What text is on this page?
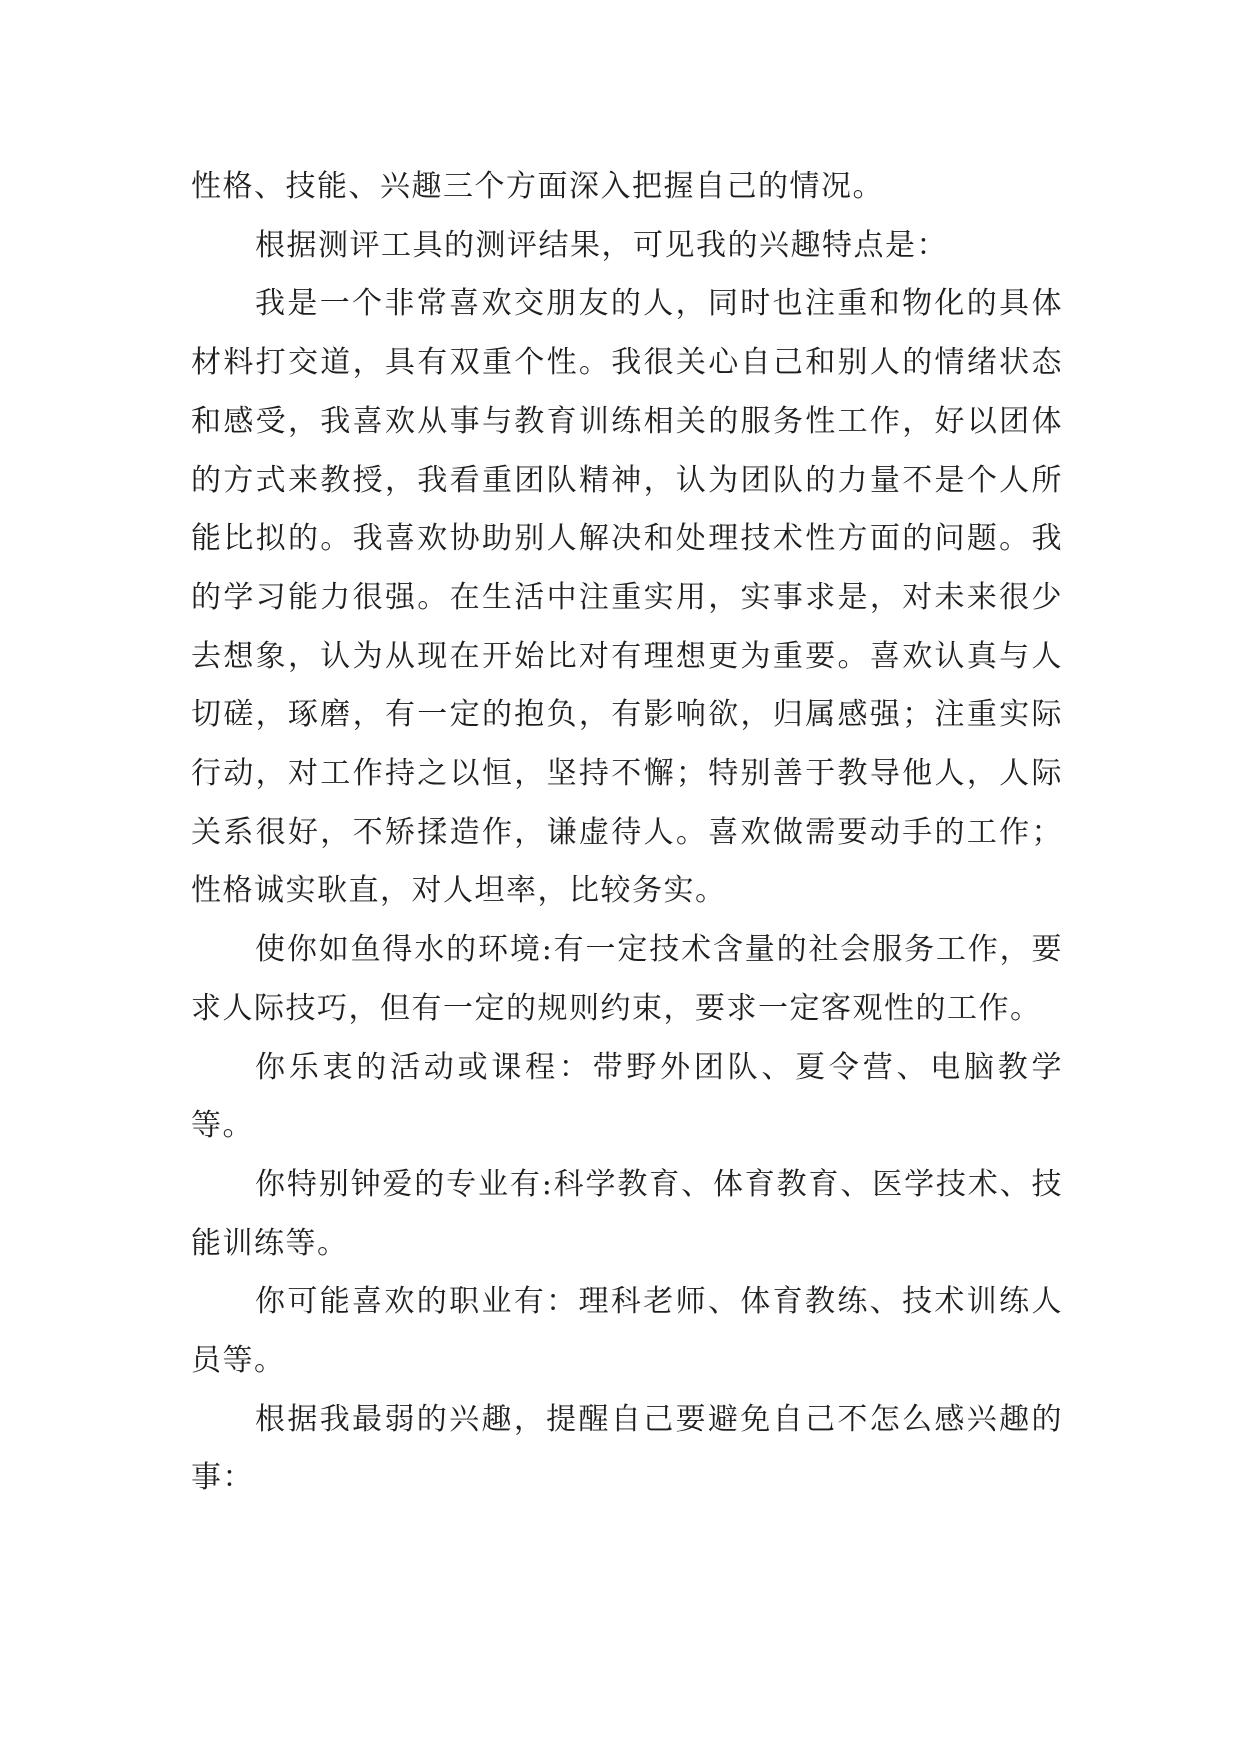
性格、技能、兴趣三个方面深入把握自己的情况。

根据测评工具的测评结果，可见我的兴趣特点是：

我是一个非常喜欢交朋友的人，同时也注重和物化的具体材料打交道，具有双重个性。我很关心自己和别人的情绪状态和感受，我喜欢从事与教育训练相关的服务性工作，好以团体的方式来教授，我看重团队精神，认为团队的力量不是个人所能比拟的。我喜欢协助别人解决和处理技术性方面的问题。我的学习能力很强。在生活中注重实用，实事求是，对未来很少去想象，认为从现在开始比对有理想更为重要。喜欢认真与人切磋，琢磨，有一定的抱负，有影响欲，归属感强；注重实际行动，对工作持之以恒，坚持不懈；特别善于教导他人，人际关系很好，不矫揉造作，谦虚待人。喜欢做需要动手的工作；性格诚实耿直，对人坦率，比较务实。

使你如鱼得水的环境:有一定技术含量的社会服务工作，要求人际技巧，但有一定的规则约束，要求一定客观性的工作。

你乐衷的活动或课程：带野外团队、夏令营、电脑教学等。

你特别钟爱的专业有:科学教育、体育教育、医学技术、技能训练等。

你可能喜欢的职业有：理科老师、体育教练、技术训练人员等。

根据我最弱的兴趣，提醒自己要避免自己不怎么感兴趣的事：
